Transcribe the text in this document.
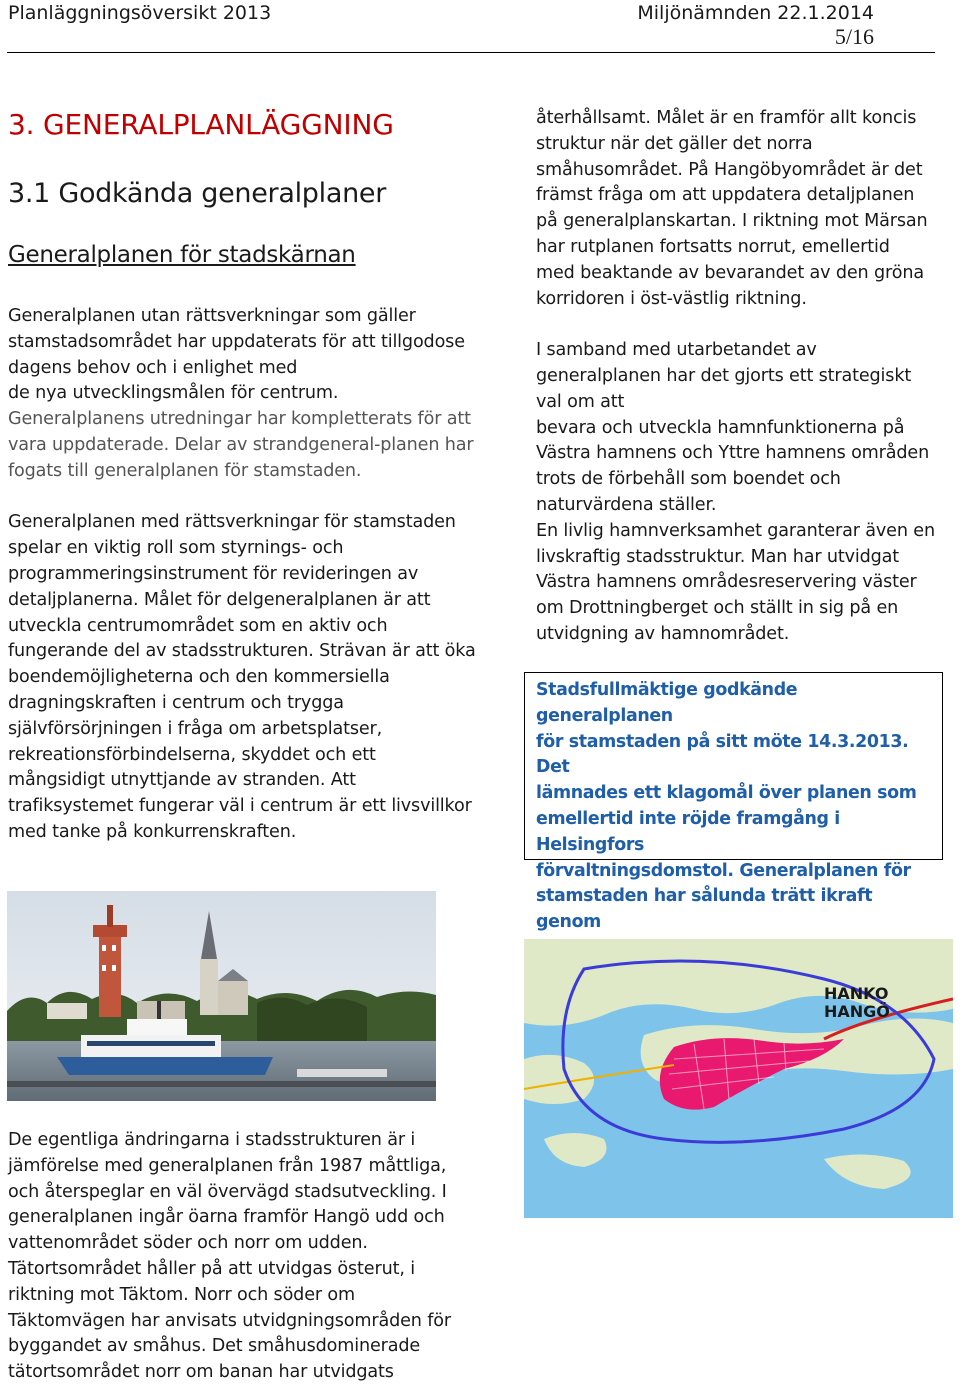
Planläggningsöversikt 2013	Miljönämnden 22.1.2014
5/16
3. GENERALPLANLÄGGNING
3.1 Godkända generalplaner
Generalplanen för stadskärnan

Generalplanen utan rättsverkningar som gäller

stamstadsområdet har uppdaterats för att tillgodose

dagens behov och i enlighet med

de nya utvecklingsmålen för centrum.

Generalplanens utredningar har kompletterats för att

vara uppdaterade. Delar av strandgeneral-planen har

fogats till generalplanen för stamstaden.

Generalplanen med rättsverkningar för stamstaden

spelar en viktig roll som styrnings- och

programmeringsinstrument för revideringen av

detaljplanerna. Målet för delgeneralplanen är att

utveckla centrumområdet som en aktiv och

fungerande del av stadsstrukturen. Strävan är att öka

boendemöjligheterna och den kommersiella

dragningskraften i centrum och trygga

självförsörjningen i fråga om arbetsplatser,

rekreationsförbindelserna, skyddet och ett

mångsidigt utnyttjande av stranden. Att

trafiksystemet fungerar väl i centrum är ett livsvillkor

med tanke på konkurrenskraften.

återhållsamt. Målet är en framför allt koncis

struktur när det gäller det norra

småhusområdet. På Hangöbyområdet är det

främst fråga om att uppdatera detaljplanen

på generalplanskartan. I riktning mot Märsan

har rutplanen fortsatts norrut, emellertid

med beaktande av bevarandet av den gröna

korridoren i öst-västlig riktning.

I samband med utarbetandet av

generalplanen har det gjorts ett strategiskt

val om att

bevara och utveckla hamnfunktionerna på

Västra hamnens och Yttre hamnens områden

trots de förbehåll som boendet och

naturvärdena ställer.

En livlig hamnverksamhet garanterar även en

livskraftig stadsstruktur. Man har utvidgat

Västra hamnens områdesreservering väster

om Drottningberget och ställt in sig på en

utvidgning av hamnområdet.

Stadsfullmäktige godkände generalplanen
för stamstaden på sitt möte 14.3.2013. Det
lämnades ett klagomål över planen som
emellertid inte röjde framgång i Helsingfors
förvaltningsdomstol. Generalplanen för
stamstaden har sålunda trätt ikraft genom
HANKO
HANGÖ

De egentliga ändringarna i stadsstrukturen är i

jämförelse med generalplanen från 1987 måttliga,

och återspeglar en väl övervägd stadsutveckling. I

generalplanen ingår öarna framför Hangö udd och

vattenområdet söder och norr om udden.

Tätortsområdet håller på att utvidgas österut, i

riktning mot Täktom. Norr och söder om

Täktomvägen har anvisats utvidgningsområden för

byggandet av småhus. Det småhusdominerade

tätortsområdet norr om banan har utvidgats
